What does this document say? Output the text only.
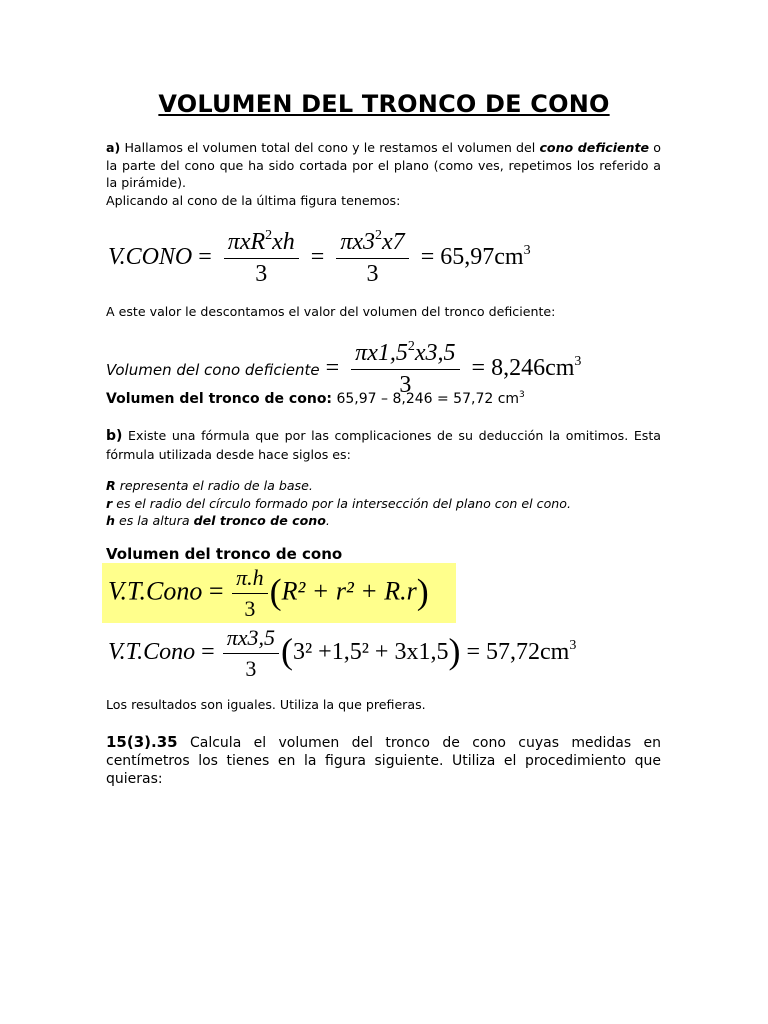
VOLUMEN DEL TRONCO DE CONO
a) Hallamos el volumen total del cono y le restamos el volumen del cono deficiente o la parte del cono que ha sido cortada por el plano (como ves, repetimos los referido a la pirámide).
Aplicando al cono de la última figura tenemos:
V.CONO = $\frac{\pi xR^2xh}{3} = \frac{\pi x3^2x7}{3} = 65,97cm^3$
A este valor le descontamos el valor del volumen del tronco deficiente:
Volumen del cono deficiente = $\frac{\pi x1,5^2x3,5}{3} = 8,246cm^3$
Volumen del tronco de cono: 65,97 – 8,246 = 57,72 $cm^3$
b) Existe una fórmula que por las complicaciones de su deducción la omitimos. Esta fórmula utilizada desde hace siglos es:
R representa el radio de la base.
r es el radio del círculo formado por la intersección del plano con el cono.
h es la altura del tronco de cono.
Volumen del tronco de cono
V.T.Cono = $\frac{\pi.h}{3} (R^2 + r^2 + R.r)$
V.T.Cono = $\frac{\pi x3,5}{3} (3^2 +1,5^2 + 3x1,5) = 57,72cm^3$
Los resultados son iguales. Utiliza la que prefieras.
15(3).35 Calcula el volumen del tronco de cono cuyas medidas en centímetros los tienes en la figura siguiente. Utiliza el procedimiento que quieras:
